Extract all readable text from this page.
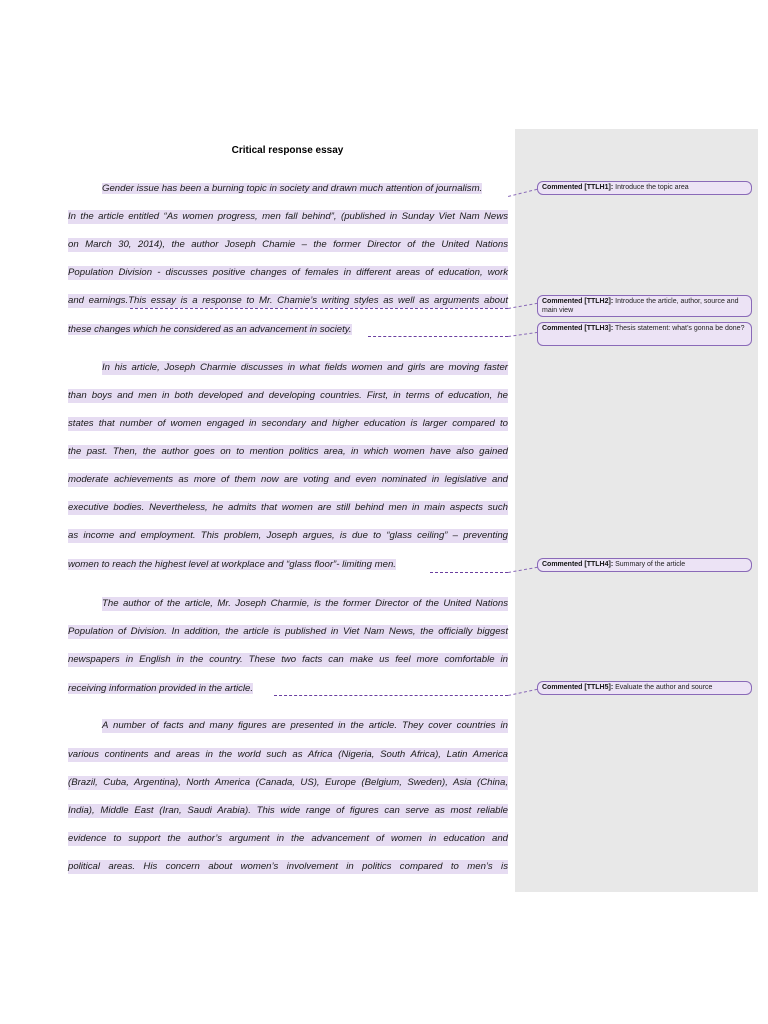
Critical response essay
Gender issue has been a burning topic in society and drawn much attention of journalism.
In the article entitled “As women progress, men fall behind”, (published in Sunday Viet Nam News
on March 30, 2014), the author Joseph Chamie – the former Director of the United Nations
Population Division - discusses positive changes of females in different areas of education, work
and earnings.This essay is a response to Mr. Chamie’s writing styles as well as arguments about
these changes which he considered as an advancement in society.
In his article, Joseph Charmie discusses in what fields women and girls are moving faster
than boys and men in both developed and developing countries. First, in terms of education, he
states that number of women engaged in secondary and higher education is larger compared to
the past. Then, the author goes on to mention politics area, in which women have also gained
moderate achievements as more of them now are voting and even nominated in legislative and
executive bodies. Nevertheless, he admits that women are still behind men in main aspects such
as income and employment. This problem, Joseph argues, is due to “glass ceiling” – preventing
women to reach the highest level at workplace and “glass floor”- limiting men.
The author of the article, Mr. Joseph Charmie, is the former Director of the United Nations
Population of Division. In addition, the article is published in Viet Nam News, the officially biggest
newspapers in English in the country. These two facts can make us feel more comfortable in
receiving information provided in the article.
A number of facts and many figures are presented in the article. They cover countries in
various continents and areas in the world such as Africa (Nigeria, South Africa), Latin America
(Brazil, Cuba, Argentina), North America (Canada, US), Europe (Belgium, Sweden), Asia (China,
India), Middle East (Iran, Saudi Arabia). This wide range of figures can serve as most reliable
evidence to support the author’s argument in the advancement of women in education and
political areas. His concern about women’s involvement in politics compared to men’s is
Commented [TTLH1]: Introduce the topic area
Commented [TTLH2]: Introduce the article, author, source and main view
Commented [TTLH3]: Thesis statement: what’s gonna be done?
Commented [TTLH4]: Summary of the article
Commented [TTLH5]: Evaluate the author and source
